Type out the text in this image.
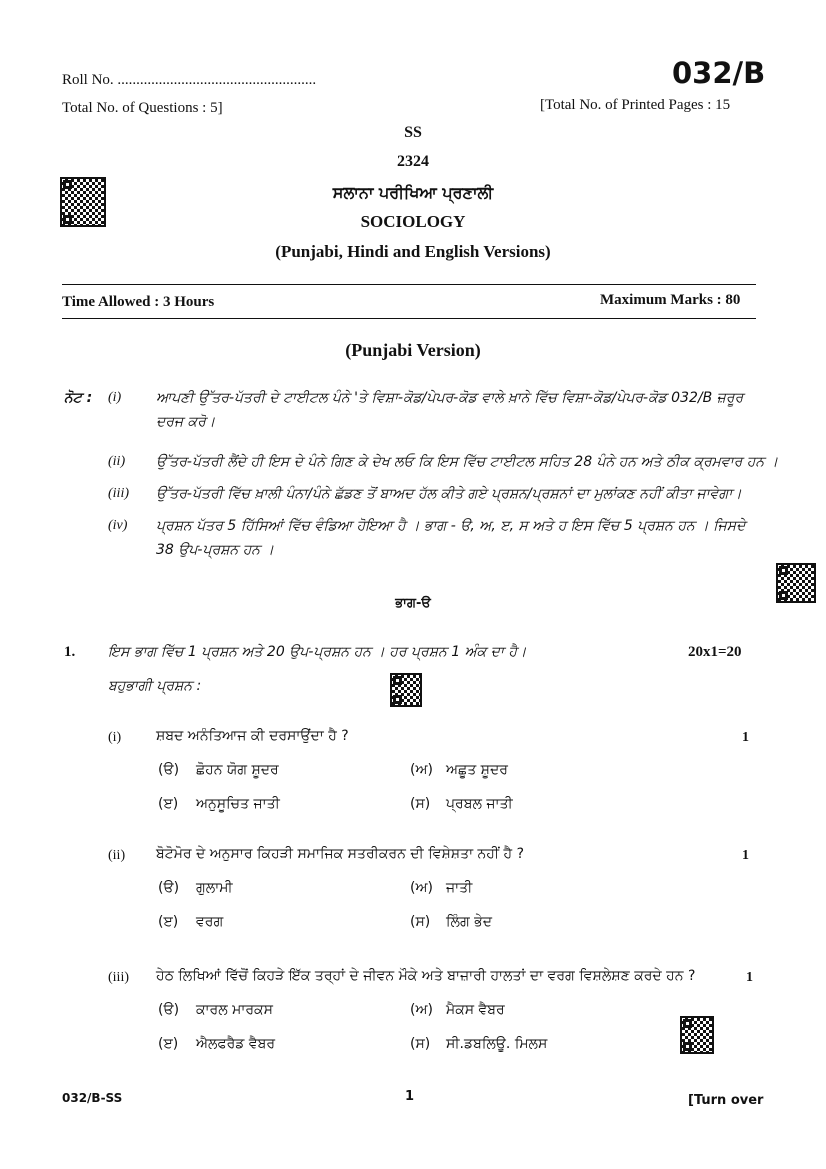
Roll No. .....................................................	032/B
Total No. of Questions : 5]	[Total No. of Printed Pages : 15
SS
2324
ਸਲਾਨਾ ਪਰੀਖਿਆ ਪ੍ਰਣਾਲੀ
SOCIOLOGY
(Punjabi, Hindi and English Versions)
Time Allowed : 3 Hours	Maximum Marks : 80
(Punjabi Version)
ਨੋਟ : (i) ਆਪਣੀ ਉੱਤਰ-ਪੱਤਰੀ ਦੇ ਟਾਈਟਲ ਪੰਨੇ 'ਤੇ ਵਿਸ਼ਾ-ਕੋਡ/ਪੇਪਰ-ਕੋਡ ਵਾਲੇ ਖ਼ਾਨੇ ਵਿੱਚ ਵਿਸ਼ਾ-ਕੋਡ/ਪੇਪਰ-ਕੋਡ 032/B ਜ਼ਰੂਰ
ਦਰਜ ਕਰੋ।
(ii) ਉੱਤਰ-ਪੱਤਰੀ ਲੈਂਦੇ ਹੀ ਇਸ ਦੇ ਪੰਨੇ ਗਿਣ ਕੇ ਦੇਖ ਲਓ ਕਿ ਇਸ ਵਿੱਚ ਟਾਈਟਲ ਸਹਿਤ 28 ਪੰਨੇ ਹਨ ਅਤੇ ਠੀਕ ਕ੍ਰਮਵਾਰ ਹਨ ।
(iii) ਉੱਤਰ-ਪੱਤਰੀ ਵਿੱਚ ਖ਼ਾਲੀ ਪੰਨਾ/ਪੰਨੇ ਛੱਡਣ ਤੋਂ ਬਾਅਦ ਹੱਲ ਕੀਤੇ ਗਏ ਪ੍ਰਸ਼ਨ/ਪ੍ਰਸ਼ਨਾਂ ਦਾ ਮੁਲਾਂਕਣ ਨਹੀਂ ਕੀਤਾ ਜਾਵੇਗਾ।
(iv) ਪ੍ਰਸ਼ਨ ਪੱਤਰ 5 ਹਿੱਸਿਆਂ ਵਿੱਚ ਵੰਡਿਆ ਹੋਇਆ ਹੈ । ਭਾਗ - ੳ, ਅ, ੲ, ਸ ਅਤੇ ਹ ਇਸ ਵਿੱਚ 5 ਪ੍ਰਸ਼ਨ ਹਨ । ਜਿਸਦੇ
38 ਉਪ-ਪ੍ਰਸ਼ਨ ਹਨ ।
ਭਾਗ-ੳ
1. ਇਸ ਭਾਗ ਵਿੱਚ 1 ਪ੍ਰਸ਼ਨ ਅਤੇ 20 ਉਪ-ਪ੍ਰਸ਼ਨ ਹਨ । ਹਰ ਪ੍ਰਸ਼ਨ 1 ਅੰਕ ਦਾ ਹੈ।	20x1=20
ਬਹੁਭਾਗੀ ਪ੍ਰਸ਼ਨ :
(i) ਸ਼ਬਦ ਅਨੰਤਿਆਜ ਕੀ ਦਰਸਾਉਂਦਾ ਹੈ ?	1
(ੳ) ਛੋਹਨ ਯੋਗ ਸ਼ੂਦਰ	(ਅ) ਅਛੂਤ ਸ਼ੂਦਰ
(ੲ) ਅਨੁਸੂਚਿਤ ਜਾਤੀ	(ਸ) ਪ੍ਰਬਲ ਜਾਤੀ
(ii) ਬੋਟੋਮੋਰ ਦੇ ਅਨੁਸਾਰ ਕਿਹੜੀ ਸਮਾਜਿਕ ਸਤਰੀਕਰਨ ਦੀ ਵਿਸ਼ੇਸ਼ਤਾ ਨਹੀਂ ਹੈ ?	1
(ੳ) ਗੁਲਾਮੀ	(ਅ) ਜਾਤੀ
(ੲ) ਵਰਗ	(ਸ) ਲਿੰਗ ਭੇਦ
(iii) ਹੇਠ ਲਿਖਿਆਂ ਵਿੱਚੋਂ ਕਿਹੜੇ ਇੱਕ ਤਰ੍ਹਾਂ ਦੇ ਜੀਵਨ ਮੌਕੇ ਅਤੇ ਬਾਜ਼ਾਰੀ ਹਾਲਤਾਂ ਦਾ ਵਰਗ ਵਿਸ਼ਲੇਸ਼ਣ ਕਰਦੇ ਹਨ ?	1
(ੳ) ਕਾਰਲ ਮਾਰਕਸ	(ਅ) ਮੈਕਸ ਵੈਬਰ
(ੲ) ਐਲਫਰੈਡ ਵੈਬਰ	(ਸ) ਸੀ.ਡਬਲਿਊ. ਮਿਲਸ
032/B-SS	1	[Turn over
